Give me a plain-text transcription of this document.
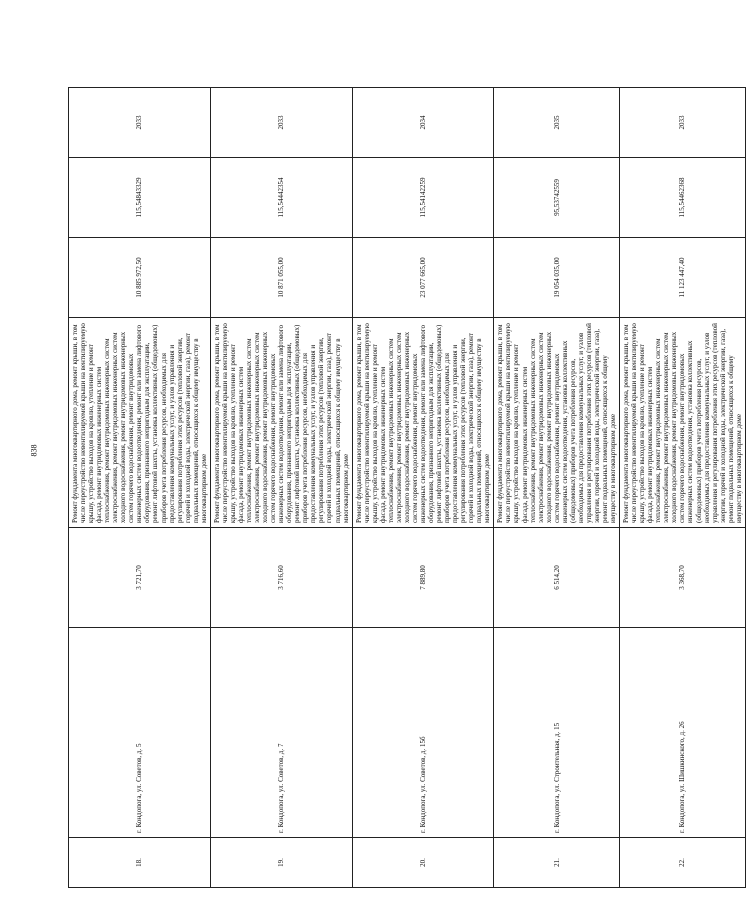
838
18.	г. Кондопога, ул. Советов, д. 5	3 721,70	Ремонт фундамента многоквартирного дома, ремонт крыши, в том числе переустройство невентилируемой крыши на вентилируемую крышу, устройство выходов на кровлю, утепление и ремонт фасада, ремонт внутридомовых инженерных систем теплоснабжения, ремонт внутридомовых инженерных систем электроснабжения, ремонт внутридомовых инженерных систем холодного водоснабжения, ремонт внутридомовых инженерных систем горячего водоснабжения, ремонт внутридомовых инженерных систем водоотведения, ремонт или замена лифтового оборудования, признанного непригодным для эксплуатации, ремонт лифтовой шахты, установка коллективных (общедомовых) приборов учета потребления ресурсов, необходимых для предоставления коммунальных услуг, и узлов управления и регулирования потребления этих ресурсов (тепловой энергии, горячей и холодной воды, электрической энергии, газа), ремонт подвальных помещений, относящихся к общему имуществу в многоквартирном доме	10 885 972,50	115,54843329	2033
19.	г. Кондопога, ул. Советов, д. 7	3 716,60	Ремонт фундамента многоквартирного дома, ремонт крыши, в том числе переустройство невентилируемой крыши на вентилируемую крышу, устройство выходов на кровлю, утепление и ремонт фасада, ремонт внутридомовых инженерных систем теплоснабжения, ремонт внутридомовых инженерных систем электроснабжения, ремонт внутридомовых инженерных систем холодного водоснабжения, ремонт внутридомовых инженерных систем горячего водоснабжения, ремонт внутридомовых инженерных систем водоотведения, ремонт или замена лифтового оборудования, признанного непригодным для эксплуатации, ремонт лифтовой шахты, установка коллективных (общедомовых) приборов учета потребления ресурсов, необходимых для предоставления коммунальных услуг, и узлов управления и регулирования потребления этих ресурсов (тепловой энергии, горячей и холодной воды, электрической энергии, газа), ремонт подвальных помещений, относящихся к общему имуществу в многоквартирном доме	10 871 055,00	115,54442354	2033
20.	г. Кондопога, ул. Советов, д. 15б	7 889,80	Ремонт фундамента многоквартирного дома, ремонт крыши, в том числе переустройство невентилируемой крыши на вентилируемую крышу, устройство выходов на кровлю, утепление и ремонт фасада, ремонт внутридомовых инженерных систем теплоснабжения, ремонт внутридомовых инженерных систем электроснабжения, ремонт внутридомовых инженерных систем холодного водоснабжения, ремонт внутридомовых инженерных систем горячего водоснабжения, ремонт внутридомовых инженерных систем водоотведения, ремонт или замена лифтового оборудования, признанного непригодным для эксплуатации, ремонт лифтовой шахты, установка коллективных (общедомовых) приборов учета потребления ресурсов, необходимых для предоставления коммунальных услуг, и узлов управления и регулирования потребления этих ресурсов (тепловой энергии, горячей и холодной воды, электрической энергии, газа), ремонт подвальных помещений, относящихся к общему имуществу в многоквартирном доме	23 077 665,00	115,54142259	2034
21.	г. Кондопога, ул. Строительная, д. 15	6 514,20	Ремонт фундамента многоквартирного дома, ремонт крыши, в том числе переустройство невентилируемой крыши на вентилируемую крышу, устройство выходов на кровлю, утепление и ремонт фасада, ремонт внутридомовых инженерных систем теплоснабжения, ремонт внутридомовых инженерных систем электроснабжения, ремонт внутридомовых инженерных систем холодного водоснабжения, ремонт внутридомовых инженерных систем горячего водоснабжения, ремонт внутридомовых инженерных систем водоотведения, установка коллективных (общедомовых) приборов учета потребления ресурсов, необходимых для предоставления коммунальных услуг, и узлов управления и регулирования потребления этих ресурсов (тепловой энергии, горячей и холодной воды, электрической энергии, газа), ремонт подвальных помещений, относящихся к общему имуществу в многоквартирном доме	19 054 035,00	95,53742559	2035
22.	г. Кондопога, ул. Шишкинского, д. 26	3 368,70	Ремонт фундамента многоквартирного дома, ремонт крыши, в том числе переустройство невентилируемой крыши на вентилируемую крышу, устройство выходов на кровлю, утепление и ремонт фасада, ремонт внутридомовых инженерных систем теплоснабжения, ремонт внутридомовых инженерных систем электроснабжения, ремонт внутридомовых инженерных систем холодного водоснабжения, ремонт внутридомовых инженерных систем горячего водоснабжения, ремонт внутридомовых инженерных систем водоотведения, установка коллективных (общедомовых) приборов учета потребления ресурсов, необходимых для предоставления коммунальных услуг, и узлов управления и регулирования потребления этих ресурсов (тепловой энергии, горячей и холодной воды, электрической энергии, газа), ремонт подвальных помещений, относящихся к общему имуществу в многоквартирном доме	11 123 447,40	115,54462368	2033
